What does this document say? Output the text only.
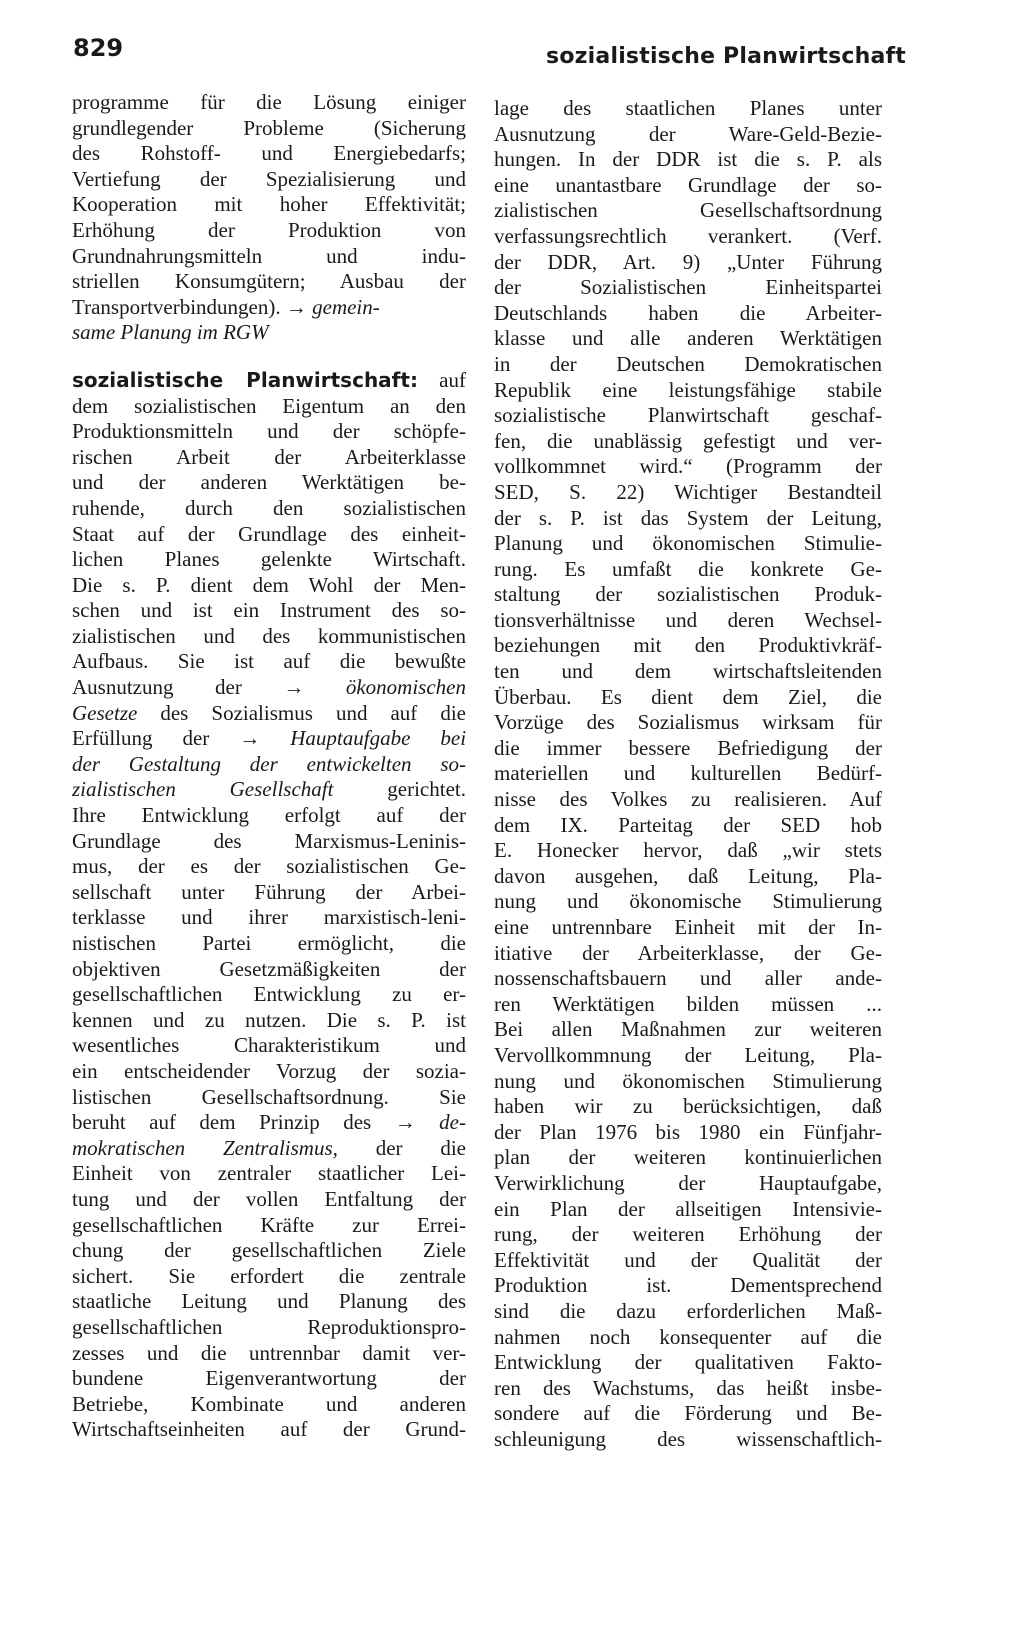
829	sozialistische Planwirtschaft
programme für die Lösung einiger
grundlegender Probleme (Sicherung
des Rohstoff- und Energiebedarfs;
Vertiefung der Spezialisierung und
Kooperation mit hoher Effektivität;
Erhöhung der Produktion von
Grundnahrungsmitteln und indu-
striellen Konsumgütern; Ausbau der
Transportverbindungen). → gemein-
same Planung im RGW
sozialistische Planwirtschaft: auf
dem sozialistischen Eigentum an den
Produktionsmitteln und der schöpfe-
rischen Arbeit der Arbeiterklasse
und der anderen Werktätigen be-
ruhende, durch den sozialistischen
Staat auf der Grundlage des einheit-
lichen Planes gelenkte Wirtschaft.
Die s. P. dient dem Wohl der Men-
schen und ist ein Instrument des so-
zialistischen und des kommunistischen
Aufbaus. Sie ist auf die bewußte
Ausnutzung der → ökonomischen
Gesetze des Sozialismus und auf die
Erfüllung der → Hauptaufgabe bei
der Gestaltung der entwickelten so-
zialistischen Gesellschaft	gerichtet.
Ihre Entwicklung erfolgt auf der
Grundlage des Marxismus-Leninis-
mus, der es der sozialistischen Ge-
sellschaft unter Führung der Arbei-
terklasse und ihrer marxistisch-leni-
nistischen Partei ermöglicht, die
objektiven Gesetzmäßigkeiten der
gesellschaftlichen Entwicklung zu er-
kennen und zu nutzen. Die s. P. ist
wesentliches Charakteristikum und
ein entscheidender Vorzug der sozia-
listischen Gesellschaftsordnung. Sie
beruht auf dem Prinzip des → de-
mokratischen Zentralismus, der die
Einheit von zentraler staatlicher Lei-
tung und der vollen Entfaltung der
gesellschaftlichen Kräfte zur Errei-
chung der gesellschaftlichen Ziele
sichert. Sie erfordert die zentrale
staatliche Leitung und Planung des
gesellschaftlichen Reproduktionspro-
zesses und die untrennbar damit ver-
bundene Eigenverantwortung der
Betriebe, Kombinate und anderen
Wirtschaftseinheiten auf der Grund-
lage des staatlichen Planes unter
Ausnutzung der Ware-Geld-Bezie-
hungen. In der DDR ist die s. P. als
eine unantastbare Grundlage der so-
zialistischen Gesellschaftsordnung
verfassungsrechtlich verankert. (Verf.
der DDR, Art. 9) „Unter Führung
der Sozialistischen Einheitspartei
Deutschlands haben die Arbeiter-
klasse und alle anderen Werktätigen
in der Deutschen Demokratischen
Republik eine leistungsfähige stabile
sozialistische Planwirtschaft geschaf-
fen, die unablässig gefestigt und ver-
vollkommnet wird.“ (Programm der
SED, S. 22) Wichtiger Bestandteil
der s. P. ist das System der Leitung,
Planung und ökonomischen Stimulie-
rung. Es umfaßt die konkrete Ge-
staltung der sozialistischen Produk-
tionsverhältnisse und deren Wechsel-
beziehungen mit den Produktivkräf-
ten und dem wirtschaftsleitenden
Überbau. Es dient dem Ziel, die
Vorzüge des Sozialismus wirksam für
die immer bessere Befriedigung der
materiellen und kulturellen Bedürf-
nisse des Volkes zu realisieren. Auf
dem IX. Parteitag der SED hob
E. Honecker hervor, daß „wir stets
davon ausgehen, daß Leitung, Pla-
nung und ökonomische Stimulierung
eine untrennbare Einheit mit der In-
itiative der Arbeiterklasse, der Ge-
nossenschaftsbauern und aller ande-
ren Werktätigen bilden müssen ...
Bei allen Maßnahmen zur weiteren
Vervollkommnung der Leitung, Pla-
nung und ökonomischen Stimulierung
haben wir zu berücksichtigen, daß
der Plan 1976 bis 1980 ein Fünfjahr-
plan der weiteren kontinuierlichen
Verwirklichung der Hauptaufgabe,
ein Plan der allseitigen Intensivie-
rung, der weiteren Erhöhung der
Effektivität und der Qualität der
Produktion ist. Dementsprechend
sind die dazu erforderlichen Maß-
nahmen noch konsequenter auf die
Entwicklung der qualitativen Fakto-
ren des Wachstums, das heißt insbe-
sondere auf die Förderung und Be-
schleunigung des wissenschaftlich-
